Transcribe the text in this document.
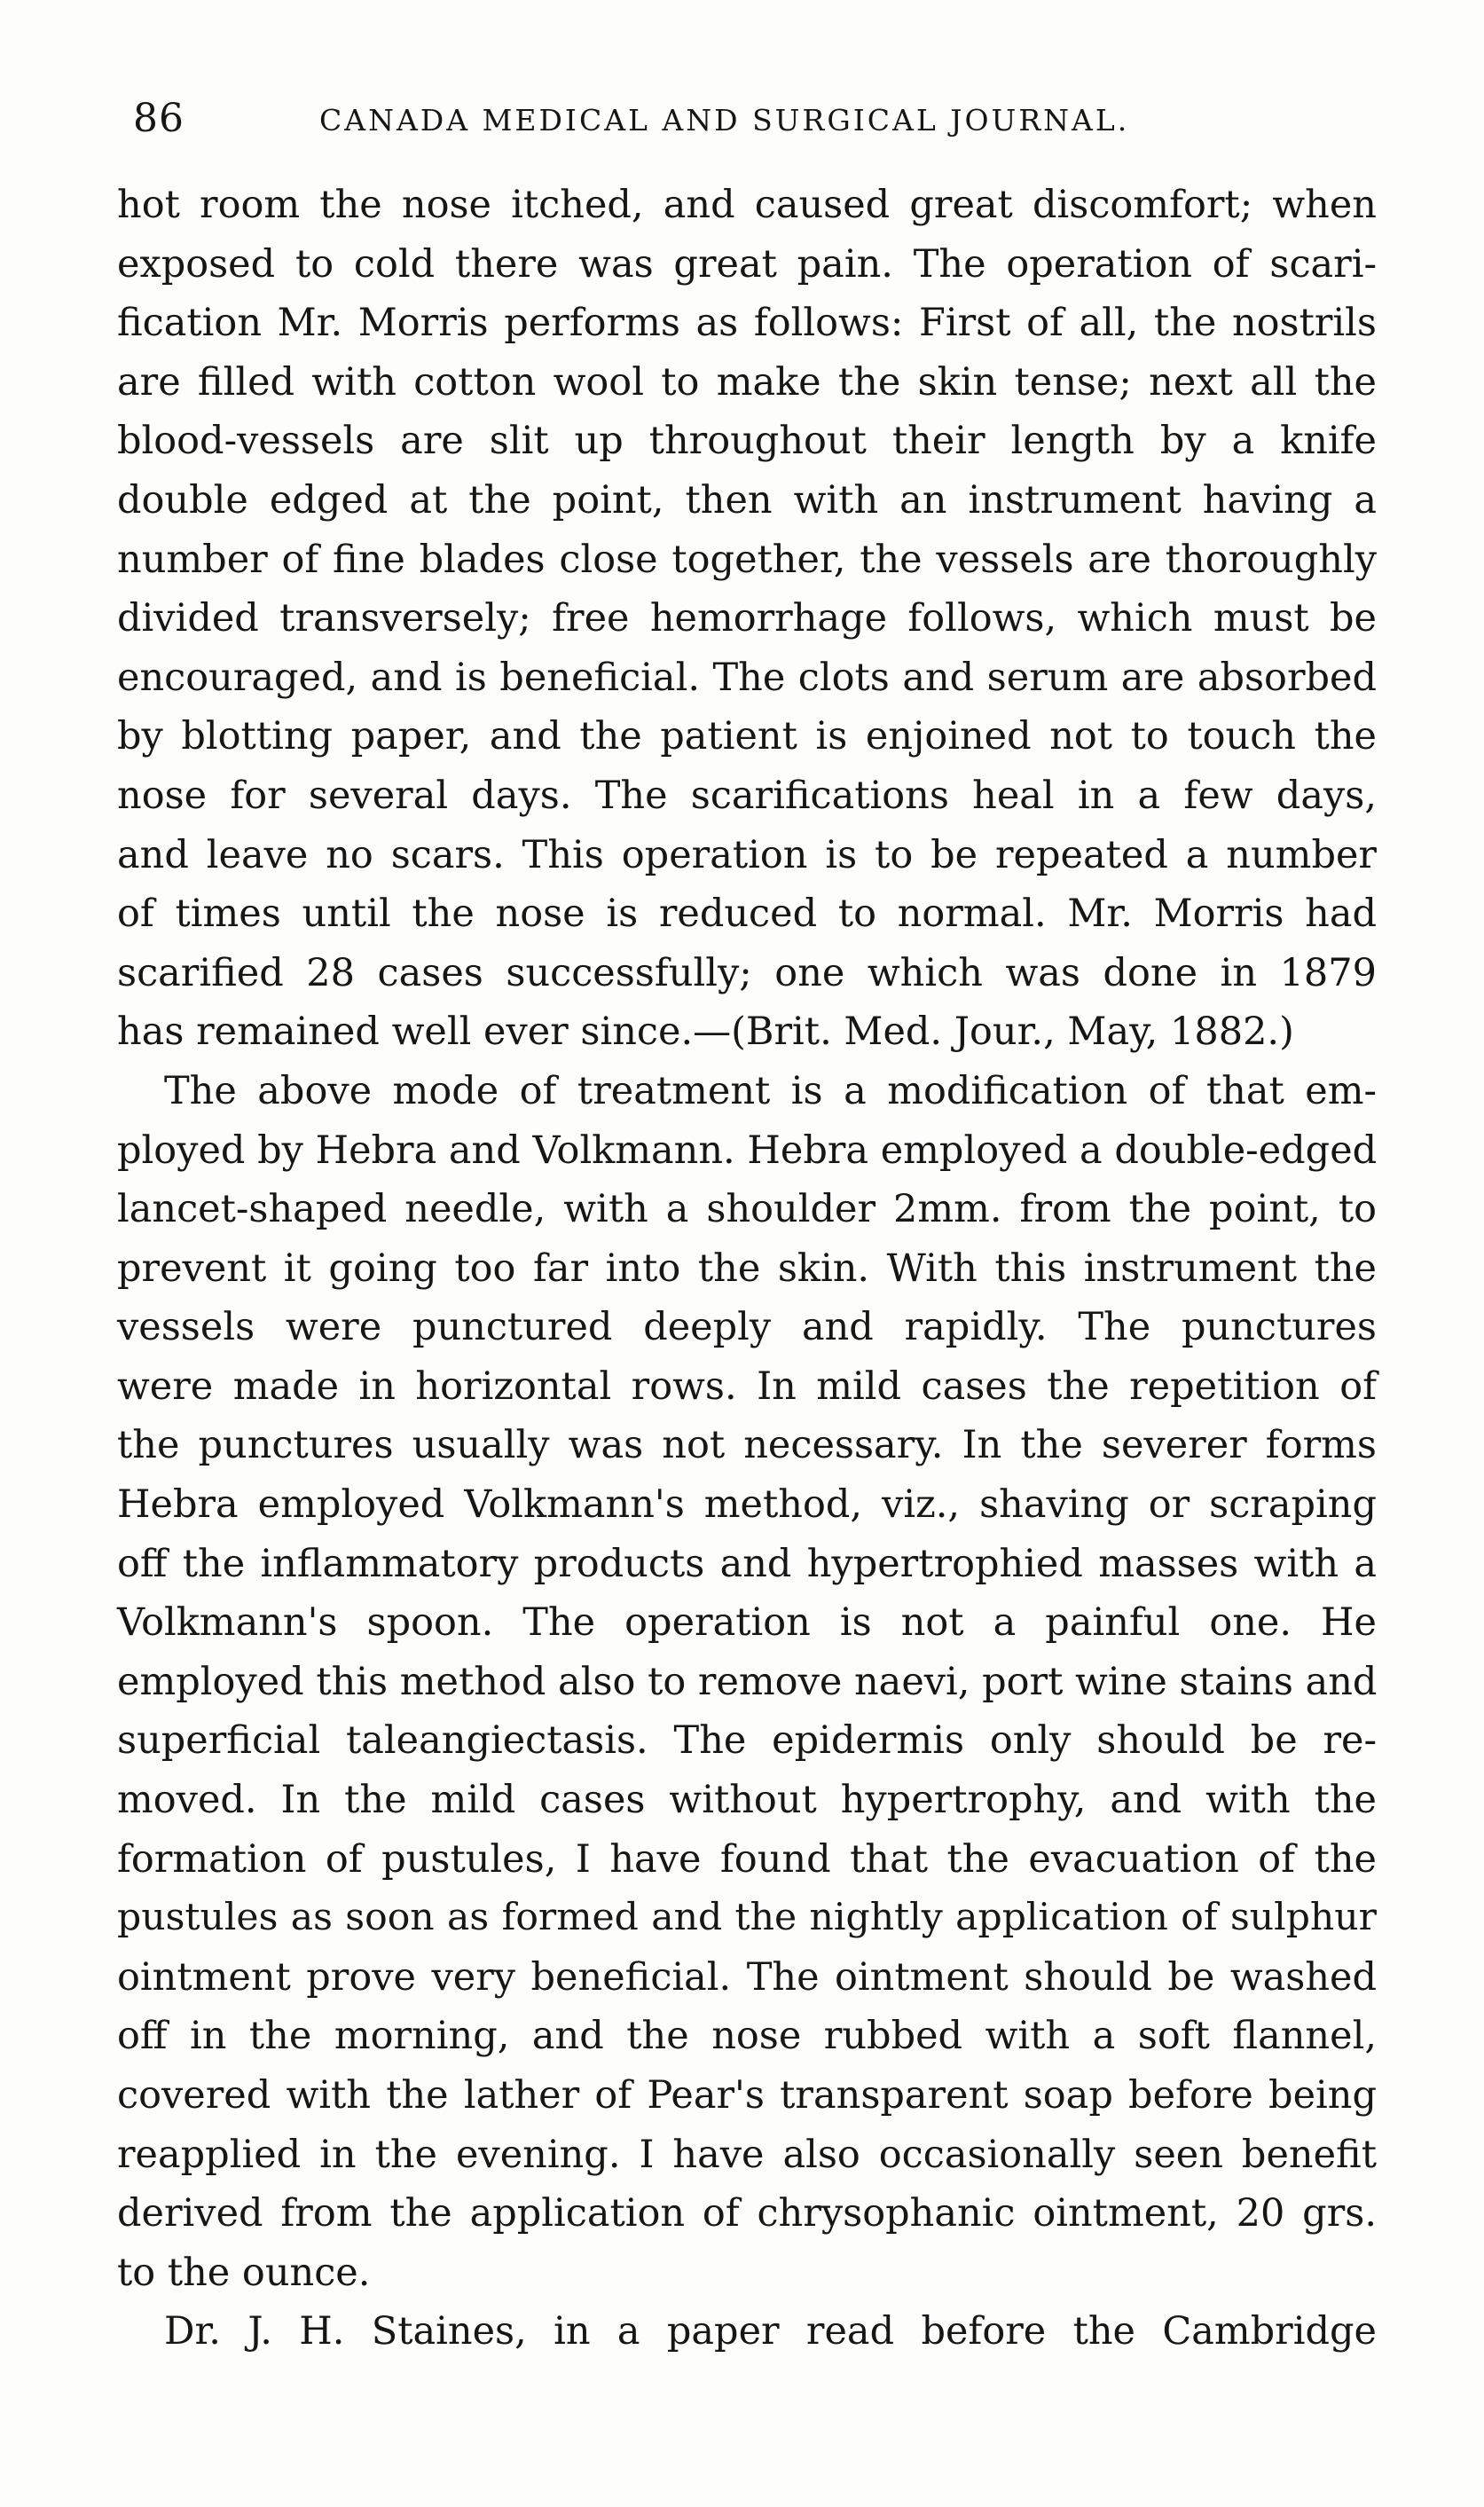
86	CANADA MEDICAL AND SURGICAL JOURNAL.
hot room the nose itched, and caused great discomfort; when
exposed to cold there was great pain. The operation of scari-
fication Mr. Morris performs as follows: First of all, the nostrils
are filled with cotton wool to make the skin tense; next all the
blood-vessels are slit up throughout their length by a knife
double edged at the point, then with an instrument having a
number of fine blades close together, the vessels are thoroughly
divided transversely; free hemorrhage follows, which must be
encouraged, and is beneficial. The clots and serum are absorbed
by blotting paper, and the patient is enjoined not to touch the
nose for several days. The scarifications heal in a few days,
and leave no scars. This operation is to be repeated a number
of times until the nose is reduced to normal. Mr. Morris had
scarified 28 cases successfully; one which was done in 1879
has remained well ever since.—(Brit. Med. Jour., May, 1882.)
The above mode of treatment is a modification of that em-
ployed by Hebra and Volkmann. Hebra employed a double-edged
lancet-shaped needle, with a shoulder 2mm. from the point, to
prevent it going too far into the skin. With this instrument the
vessels were punctured deeply and rapidly. The punctures
were made in horizontal rows. In mild cases the repetition of
the punctures usually was not necessary. In the severer forms
Hebra employed Volkmann's method, viz., shaving or scraping
off the inflammatory products and hypertrophied masses with a
Volkmann's spoon. The operation is not a painful one. He
employed this method also to remove naevi, port wine stains and
superficial taleangiectasis. The epidermis only should be re-
moved. In the mild cases without hypertrophy, and with the
formation of pustules, I have found that the evacuation of the
pustules as soon as formed and the nightly application of sulphur
ointment prove very beneficial. The ointment should be washed
off in the morning, and the nose rubbed with a soft flannel,
covered with the lather of Pear's transparent soap before being
reapplied in the evening. I have also occasionally seen benefit
derived from the application of chrysophanic ointment, 20 grs.
to the ounce.
Dr. J. H. Staines, in a paper read before the Cambridge
